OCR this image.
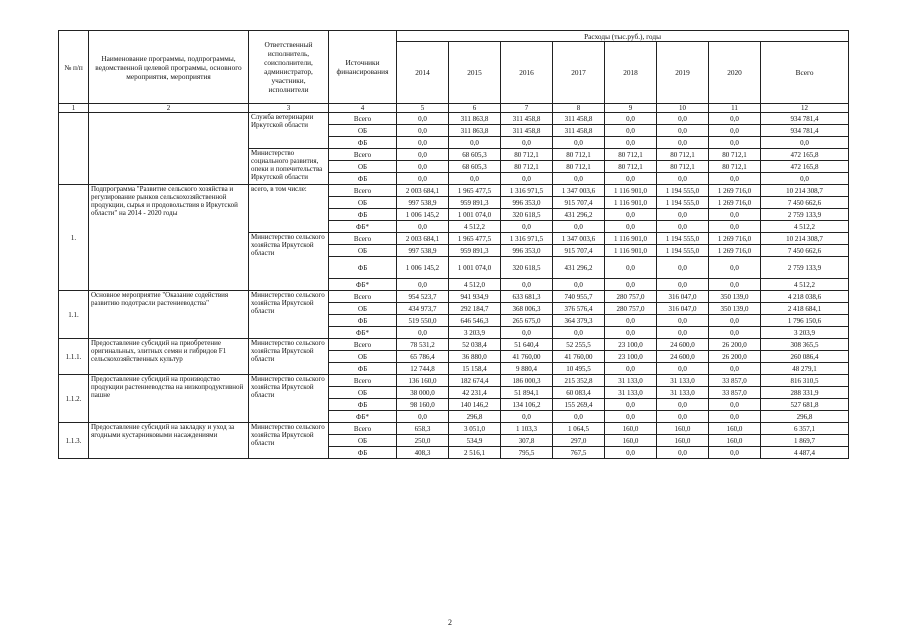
№ п/п	Наименование программы, подпрограммы, ведомственной целевой программы, основного мероприятия, мероприятия	Ответственный исполнитель, соисполнители, администратор, участники, исполнители	Источники финансирования	Расходы (тыс.руб.), годы							
				2014	2015	2016	2017	2018	2019	2020	Всего
1	2	3	4	5	6	7	8	9	10	11	12
		Служба ветеринарии Иркутской области	Всего	0,0	311 863,8	311 458,8	311 458,8	0,0	0,0	0,0	934 781,4
			ОБ	0,0	311 863,8	311 458,8	311 458,8	0,0	0,0	0,0	934 781,4
			ФБ	0,0	0,0	0,0	0,0	0,0	0,0	0,0	0,0
		Министерство социального развития, опеки и попечительства Иркутской области	Всего	0,0	68 605,3	80 712,1	80 712,1	80 712,1	80 712,1	80 712,1	472 165,8
			ОБ	0,0	68 605,3	80 712,1	80 712,1	80 712,1	80 712,1	80 712,1	472 165,8
			ФБ	0,0	0,0	0,0	0,0	0,0	0,0	0,0	0,0
1.	Подпрограмма "Развитие сельского хозяйства и регулирование рынков сельскохозяйственной продукции, сырья и продовольствия в Иркутской области" на 2014 - 2020 годы	всего, в том числе:	Всего	2 003 684,1	1 965 477,5	1 316 971,5	1 347 003,6	1 116 901,0	1 194 555,0	1 269 716,0	10 214 308,7
			ОБ	997 538,9	959 891,3	996 353,0	915 707,4	1 116 901,0	1 194 555,0	1 269 716,0	7 450 662,6
			ФБ	1 006 145,2	1 001 074,0	320 618,5	431 296,2	0,0	0,0	0,0	2 759 133,9
			ФБ*	0,0	4 512,2	0,0	0,0	0,0	0,0	0,0	4 512,2
		Министерство сельского хозяйства Иркутской области	Всего	2 003 684,1	1 965 477,5	1 316 971,5	1 347 003,6	1 116 901,0	1 194 555,0	1 269 716,0	10 214 308,7
			ОБ	997 538,9	959 891,3	996 353,0	915 707,4	1 116 901,0	1 194 555,0	1 269 716,0	7 450 662,6
			ФБ	1 006 145,2	1 001 074,0	320 618,5	431 296,2	0,0	0,0	0,0	2 759 133,9
			ФБ*	0,0	4 512,0	0,0	0,0	0,0	0,0	0,0	4 512,2
1.1.	Основное мероприятие "Оказание содействия развитию подотрасли растениеводства"	Министерство сельского хозяйства Иркутской области	Всего	954 523,7	941 934,9	633 681,3	740 955,7	280 757,0	316 047,0	350 139,0	4 218 038,6
			ОБ	434 973,7	292 184,7	368 006,3	376 576,4	280 757,0	316 047,0	350 139,0	2 418 684,1
			ФБ	519 550,0	646 546,3	265 675,0	364 379,3	0,0	0,0	0,0	1 796 150,6
			ФБ*	0,0	3 203,9	0,0	0,0	0,0	0,0	0,0	3 203,9
1.1.1.	Предоставление субсидий на приобретение оригинальных, элитных семян и гибридов F1 сельскохозяйственных культур	Министерство сельского хозяйства Иркутской области	Всего	78 531,2	52 038,4	51 640,4	52 255,5	23 100,0	24 600,0	26 200,0	308 365,5
			ОБ	65 786,4	36 880,0	41 760,00	41 760,00	23 100,0	24 600,0	26 200,0	260 086,4
			ФБ	12 744,8	15 158,4	9 880,4	10 495,5	0,0	0,0	0,0	48 279,1
1.1.2.	Предоставление субсидий на производство продукции растениеводства на низкопродуктивной пашне	Министерство сельского хозяйства Иркутской области	Всего	136 160,0	182 674,4	186 000,3	215 352,8	31 133,0	31 133,0	33 857,0	816 310,5
			ОБ	38 000,0	42 231,4	51 894,1	60 083,4	31 133,0	31 133,0	33 857,0	288 331,9
			ФБ	98 160,0	140 146,2	134 106,2	155 269,4	0,0	0,0	0,0	527 681,8
			ФБ*	0,0	296,8	0,0	0,0	0,0	0,0	0,0	296,8
1.1.3.	Предоставление субсидий на закладку и уход за ягодными кустарниковыми насаждениями	Министерство сельского хозяйства Иркутской области	Всего	658,3	3 051,0	1 103,3	1 064,5	160,0	160,0	160,0	6 357,1
			ОБ	250,0	534,9	307,8	297,0	160,0	160,0	160,0	1 869,7
			ФБ	408,3	2 516,1	795,5	767,5	0,0	0,0	0,0	4 487,4
2
